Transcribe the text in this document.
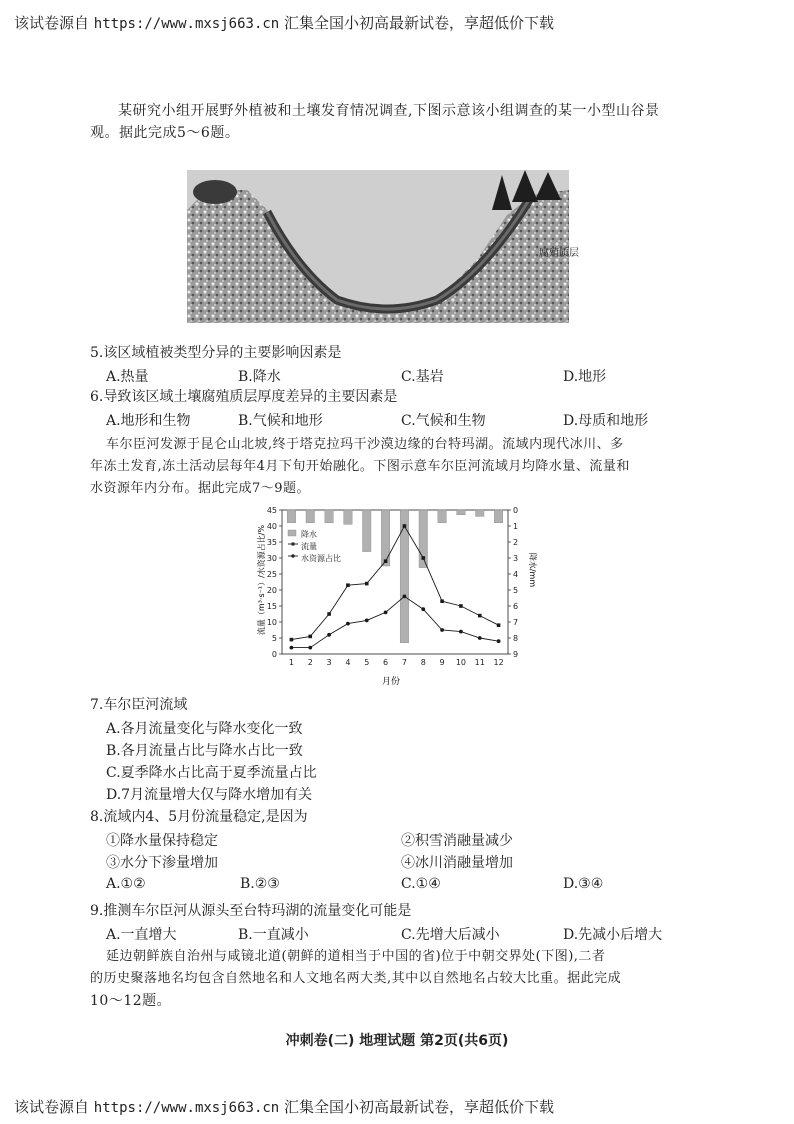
该试卷源自 https://www.mxsj663.cn 汇集全国小初高最新试卷，享超低价下载
某研究小组开展野外植被和土壤发育情况调查,下图示意该小组调查的某一小型山谷景
观。据此完成5～6题。
腐殖质层
5.该区域植被类型分异的主要影响因素是
A.热量	B.降水	C.基岩	D.地形
6.导致该区域土壤腐殖质层厚度差异的主要因素是
A.地形和生物	B.气候和地形	C.气候和生物	D.母质和地形
车尔臣河发源于昆仑山北坡,终于塔克拉玛干沙漠边缘的台特玛湖。流域内现代冰川、多
年冻土发育,冻土活动层每年4月下旬开始融化。下图示意车尔臣河流域月均降水量、流量和
水资源年内分布。据此完成7～9题。
流量（m³·s⁻¹）/水资源占比/%	降水/mm
月份
0
5
10
15
20
25
30
35
40
45	0
1
2
3
4
5
6
7
8
9
1 2 3 4 5 6 7 8 9 10 11 12
降水
流量
水资源占比
7.车尔臣河流域
A.各月流量变化与降水变化一致
B.各月流量占比与降水占比一致
C.夏季降水占比高于夏季流量占比
D.7月流量增大仅与降水增加有关
8.流域内4、5月份流量稳定,是因为
①降水量保持稳定	②积雪消融量减少
③水分下渗量增加	④冰川消融量增加
A.①②	B.②③	C.①④	D.③④
9.推测车尔臣河从源头至台特玛湖的流量变化可能是
A.一直增大	B.一直减小	C.先增大后减小	D.先减小后增大
延边朝鲜族自治州与咸镜北道(朝鲜的道相当于中国的省)位于中朝交界处(下图),二者
的历史聚落地名均包含自然地名和人文地名两大类,其中以自然地名占较大比重。据此完成
10～12题。
冲刺卷(二) 地理试题 第2页(共6页)
该试卷源自 https://www.mxsj663.cn 汇集全国小初高最新试卷，享超低价下载
